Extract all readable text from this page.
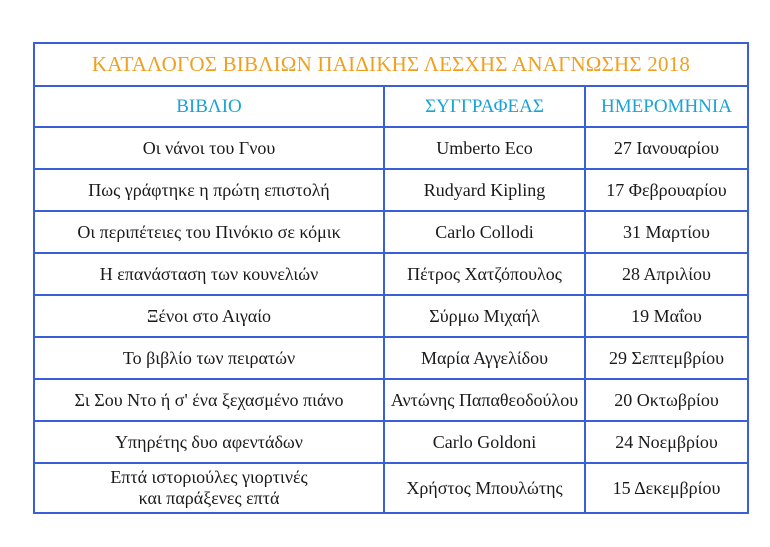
ΚΑΤΑΛΟΓΟΣ ΒΙΒΛΙΩΝ ΠΑΙΔΙΚΗΣ ΛΕΣΧΗΣ ΑΝΑΓΝΩΣΗΣ 2018		
ΒΙΒΛΙΟ	ΣΥΓΓΡΑΦΕΑΣ	ΗΜΕΡΟΜΗΝΙΑ
Οι νάνοι του Γνου	Umberto Eco	27 Ιανουαρίου
Πως γράφτηκε η πρώτη επιστολή	Rudyard Kipling	17 Φεβρουαρίου
Οι περιπέτειες του Πινόκιο σε κόμικ	Carlo Collodi	31 Μαρτίου
Η επανάσταση των κουνελιών	Πέτρος Χατζόπουλος	28 Απριλίου
Ξένοι στο Αιγαίο	Σύρμω Μιχαήλ	19 Μαΐου
Το βιβλίο των πειρατών	Μαρία Αγγελίδου	29 Σεπτεμβρίου
Σι Σου Ντο ή σ' ένα ξεχασμένο πιάνο	Αντώνης Παπαθεοδούλου	20 Οκτωβρίου
Υπηρέτης δυο αφεντάδων	Carlo Goldoni	24 Νοεμβρίου

Επτά ιστοριούλες γιορτινές
και παράξενες επτά	Χρήστος Μπουλώτης	15 Δεκεμβρίου
